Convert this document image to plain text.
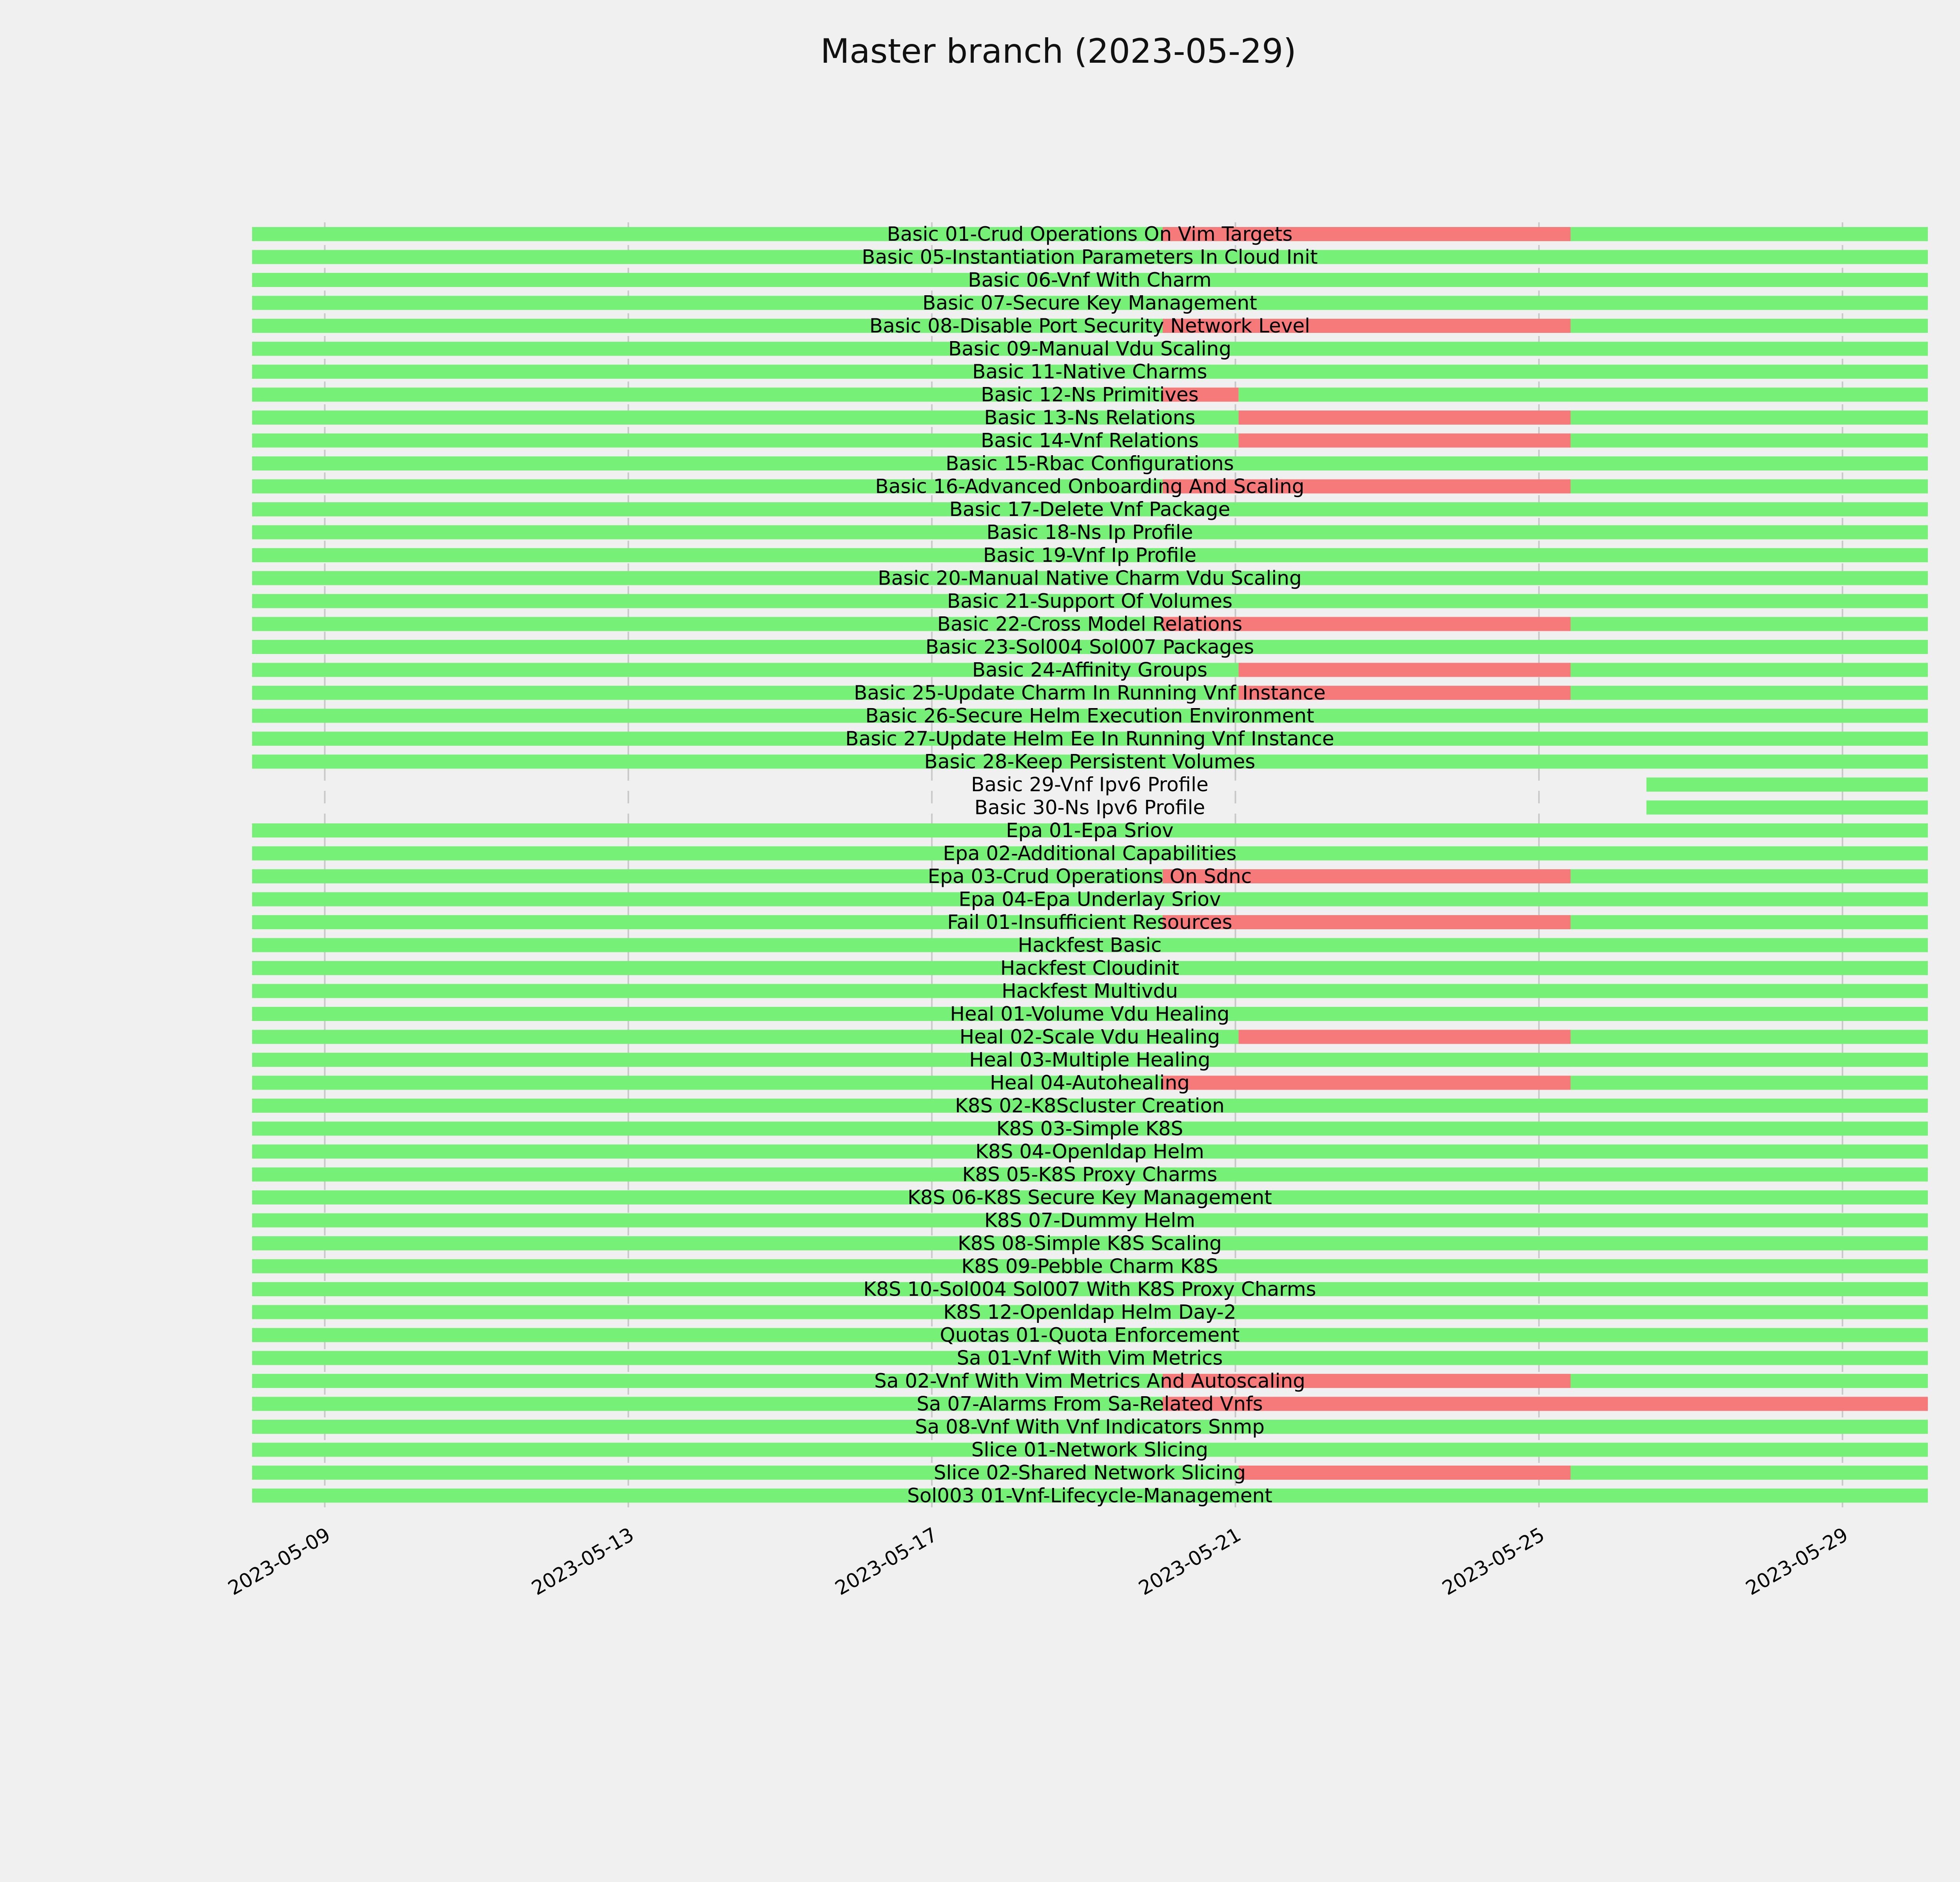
Master branch (2023-05-29)
Basic 01-Crud Operations On Vim Targets
Basic 05-Instantiation Parameters In Cloud Init
Basic 06-Vnf With Charm
Basic 07-Secure Key Management
Basic 08-Disable Port Security Network Level
Basic 09-Manual Vdu Scaling
Basic 11-Native Charms
Basic 12-Ns Primitives
Basic 13-Ns Relations
Basic 14-Vnf Relations
Basic 15-Rbac Configurations
Basic 16-Advanced Onboarding And Scaling
Basic 17-Delete Vnf Package
Basic 18-Ns Ip Profile
Basic 19-Vnf Ip Profile
Basic 20-Manual Native Charm Vdu Scaling
Basic 21-Support Of Volumes
Basic 22-Cross Model Relations
Basic 23-Sol004 Sol007 Packages
Basic 24-Affinity Groups
Basic 25-Update Charm In Running Vnf Instance
Basic 26-Secure Helm Execution Environment
Basic 27-Update Helm Ee In Running Vnf Instance
Basic 28-Keep Persistent Volumes
Basic 29-Vnf Ipv6 Profile
Basic 30-Ns Ipv6 Profile
Epa 01-Epa Sriov
Epa 02-Additional Capabilities
Epa 03-Crud Operations On Sdnc
Epa 04-Epa Underlay Sriov
Fail 01-Insufficient Resources
Hackfest Basic
Hackfest Cloudinit
Hackfest Multivdu
Heal 01-Volume Vdu Healing
Heal 02-Scale Vdu Healing
Heal 03-Multiple Healing
Heal 04-Autohealing
K8S 02-K8Scluster Creation
K8S 03-Simple K8S
K8S 04-Openldap Helm
K8S 05-K8S Proxy Charms
K8S 06-K8S Secure Key Management
K8S 07-Dummy Helm
K8S 08-Simple K8S Scaling
K8S 09-Pebble Charm K8S
K8S 10-Sol004 Sol007 With K8S Proxy Charms
K8S 12-Openldap Helm Day-2
Quotas 01-Quota Enforcement
Sa 01-Vnf With Vim Metrics
Sa 02-Vnf With Vim Metrics And Autoscaling
Sa 07-Alarms From Sa-Related Vnfs
Sa 08-Vnf With Vnf Indicators Snmp
Slice 01-Network Slicing
Slice 02-Shared Network Slicing
Sol003 01-Vnf-Lifecycle-Management
2023-05-09	2023-05-13	2023-05-17	2023-05-21	2023-05-25	2023-05-29
